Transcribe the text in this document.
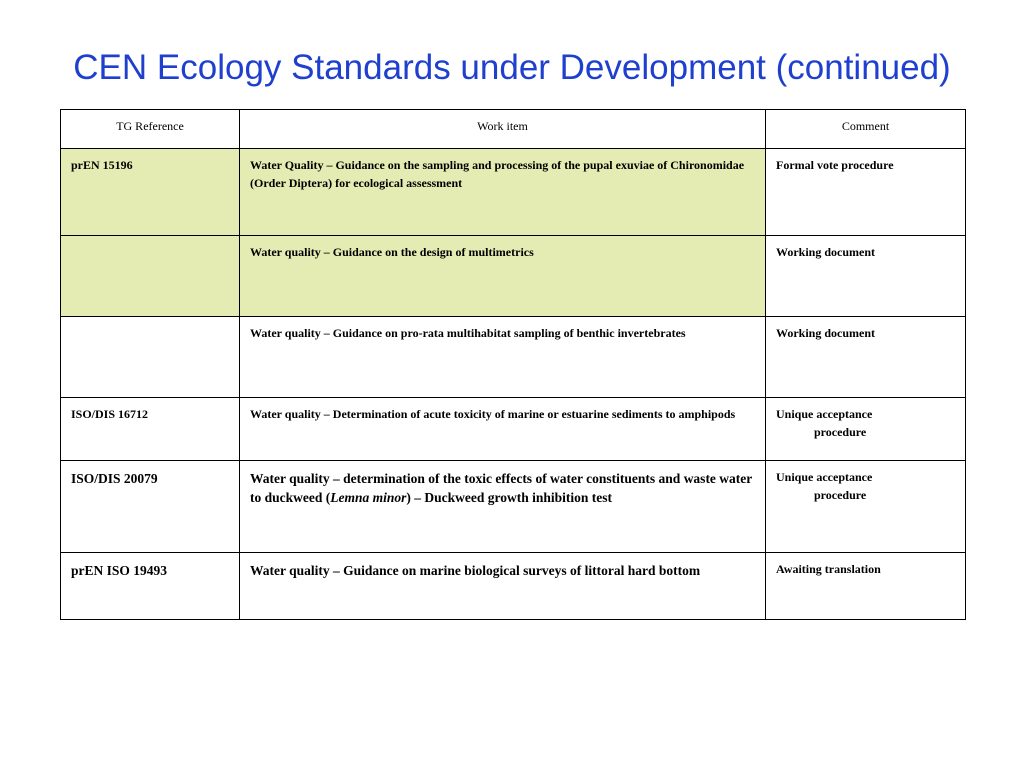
CEN Ecology Standards under Development (continued)
TG Reference	Work item	Comment
prEN 15196	Water Quality – Guidance on the sampling and processing of the pupal exuviae of Chironomidae (Order Diptera) for ecological assessment	Formal vote procedure
	Water quality – Guidance on the design of multimetrics	Working document
	Water quality – Guidance on pro-rata multihabitat sampling of benthic invertebrates	Working document
ISO/DIS 16712	Water quality – Determination of acute toxicity of marine or estuarine sediments to amphipods	Unique acceptance
procedure
ISO/DIS 20079	Water quality – determination of the toxic effects of water constituents and waste water to duckweed (Lemna minor) – Duckweed growth inhibition test	Unique acceptance
procedure
prEN ISO 19493	Water quality – Guidance on marine biological surveys of littoral hard bottom	Awaiting translation
